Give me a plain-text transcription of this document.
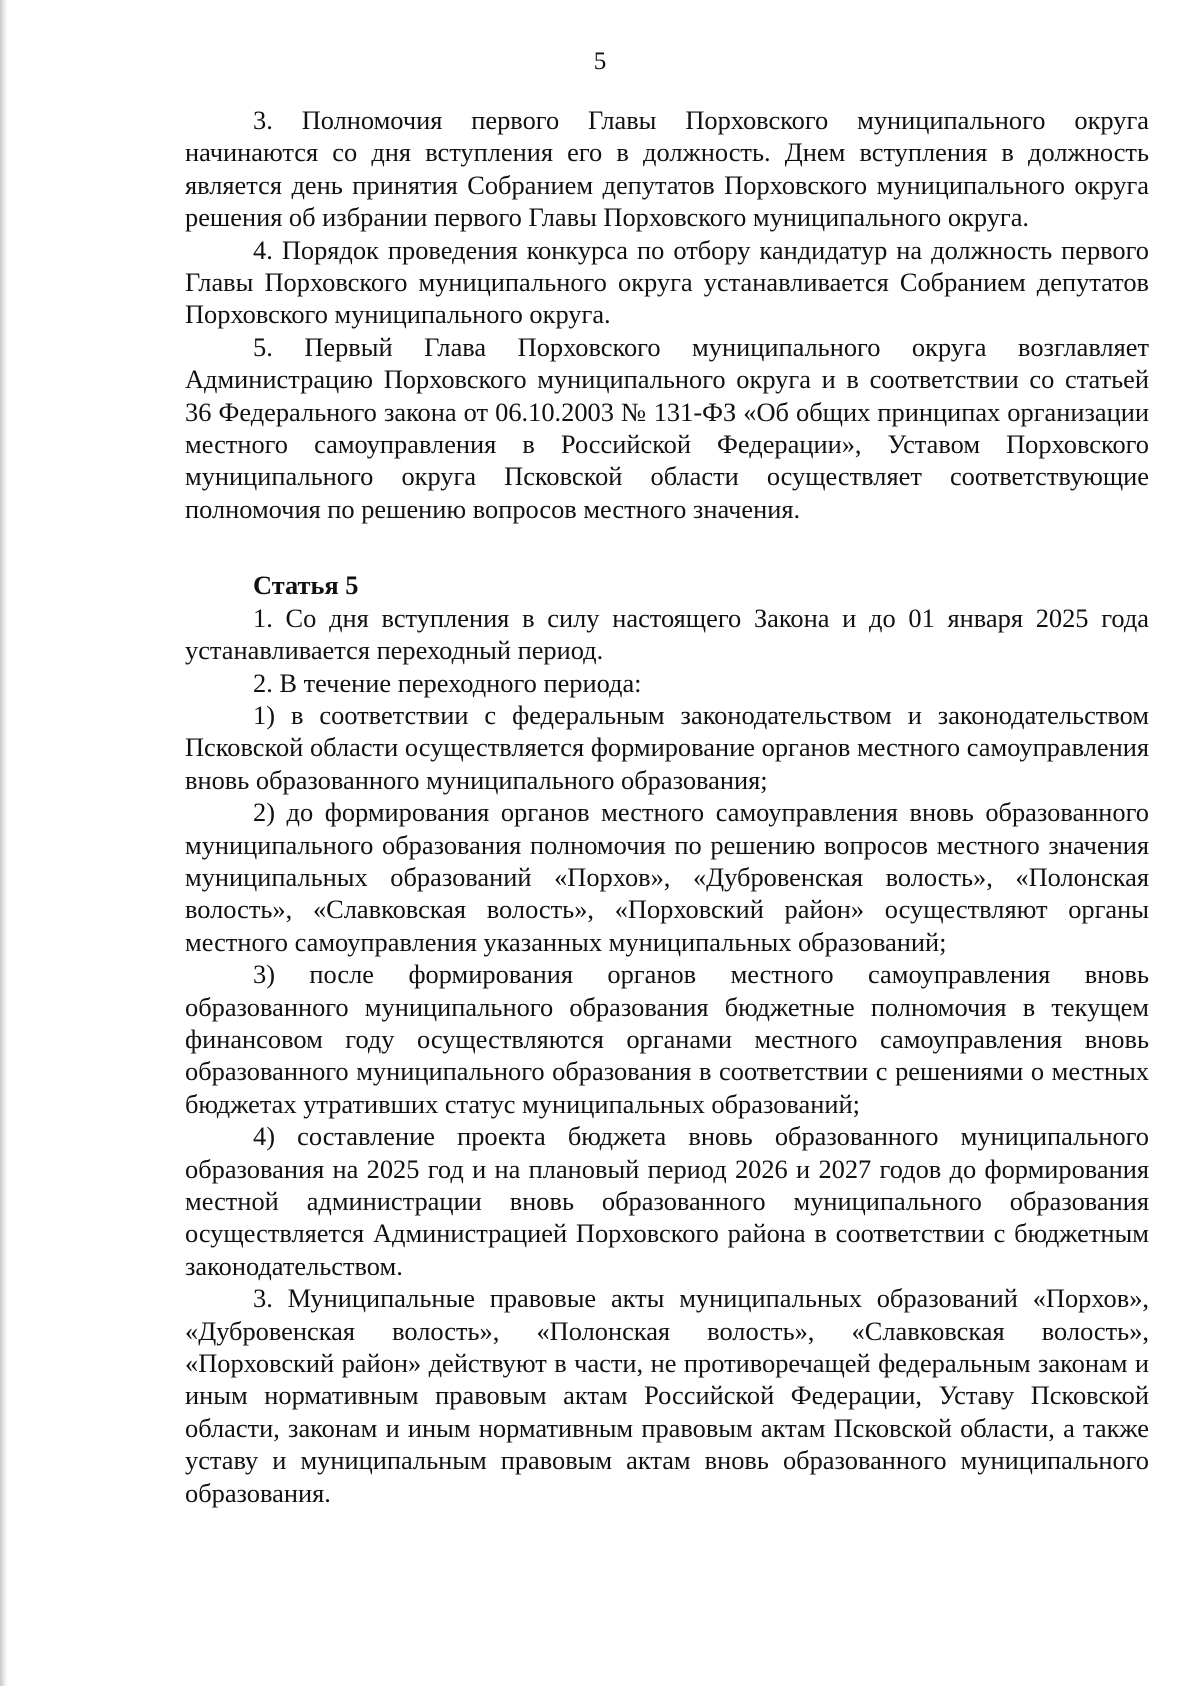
5

3. Полномочия первого Главы Порховского муниципального округа начинаются со дня вступления его в должность. Днем вступления в должность является день принятия Собранием депутатов Порховского муниципального округа решения об избрании первого Главы Порховского муниципального округа.

4. Порядок проведения конкурса по отбору кандидатур на должность первого Главы Порховского муниципального округа устанавливается Собранием депутатов Порховского муниципального округа.

5. Первый Глава Порховского муниципального округа возглавляет Администрацию Порховского муниципального округа и в соответствии со статьей 36 Федерального закона от 06.10.2003 № 131-ФЗ «Об общих принципах организации местного самоуправления в Российской Федерации», Уставом Порховского муниципального округа Псковской области осуществляет соответствующие полномочия по решению вопросов местного значения.

Статья 5

1. Со дня вступления в силу настоящего Закона и до 01 января 2025 года устанавливается переходный период.

2. В течение переходного периода:

1) в соответствии с федеральным законодательством и законодательством Псковской области осуществляется формирование органов местного самоуправления вновь образованного муниципального образования;

2) до формирования органов местного самоуправления вновь образованного муниципального образования полномочия по решению вопросов местного значения муниципальных образований «Порхов», «Дубровенская волость», «Полонская волость», «Славковская волость», «Порховский район» осуществляют органы местного самоуправления указанных муниципальных образований;

3) после формирования органов местного самоуправления вновь образованного муниципального образования бюджетные полномочия в текущем финансовом году осуществляются органами местного самоуправления вновь образованного муниципального образования в соответствии с решениями о местных бюджетах утративших статус муниципальных образований;

4) составление проекта бюджета вновь образованного муниципального образования на 2025 год и на плановый период 2026 и 2027 годов до формирования местной администрации вновь образованного муниципального образования осуществляется Администрацией Порховского района в соответствии с бюджетным законодательством.

3. Муниципальные правовые акты муниципальных образований «Порхов», «Дубровенская волость», «Полонская волость», «Славковская волость», «Порховский район» действуют в части, не противоречащей федеральным законам и иным нормативным правовым актам Российской Федерации, Уставу Псковской области, законам и иным нормативным правовым актам Псковской области, а также уставу и муниципальным правовым актам вновь образованного муниципального образования.
